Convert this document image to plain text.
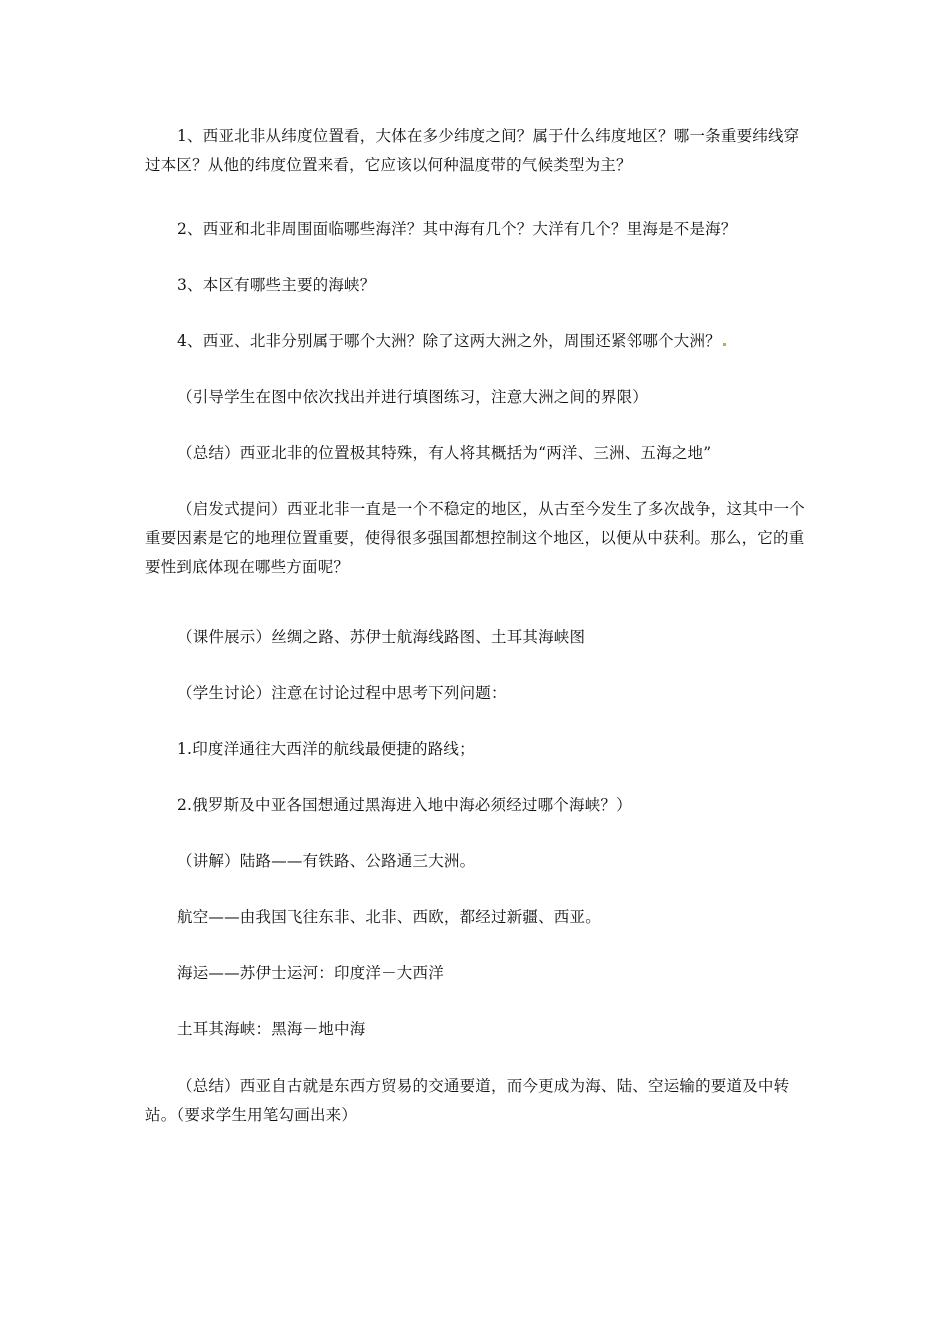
1、西亚北非从纬度位置看，大体在多少纬度之间？属于什么纬度地区？哪一条重要纬线穿过本区？从他的纬度位置来看，它应该以何种温度带的气候类型为主？

2、西亚和北非周围面临哪些海洋？其中海有几个？大洋有几个？里海是不是海？

3、本区有哪些主要的海峡？

4、西亚、北非分别属于哪个大洲？除了这两大洲之外，周围还紧邻哪个大洲？

（引导学生在图中依次找出并进行填图练习，注意大洲之间的界限）

（总结）西亚北非的位置极其特殊，有人将其概括为“两洋、三洲、五海之地”

（启发式提问）西亚北非一直是一个不稳定的地区，从古至今发生了多次战争，这其中一个重要因素是它的地理位置重要，使得很多强国都想控制这个地区，以便从中获利。那么，它的重要性到底体现在哪些方面呢？

（课件展示）丝绸之路、苏伊士航海线路图、土耳其海峡图

（学生讨论）注意在讨论过程中思考下列问题：

1.印度洋通往大西洋的航线最便捷的路线；

2.俄罗斯及中亚各国想通过黑海进入地中海必须经过哪个海峡？）

（讲解）陆路——有铁路、公路通三大洲。

航空——由我国飞往东非、北非、西欧，都经过新疆、西亚。

海运——苏伊士运河：印度洋－大西洋

土耳其海峡：黑海－地中海

（总结）西亚自古就是东西方贸易的交通要道，而今更成为海、陆、空运输的要道及中转站。（要求学生用笔勾画出来）
